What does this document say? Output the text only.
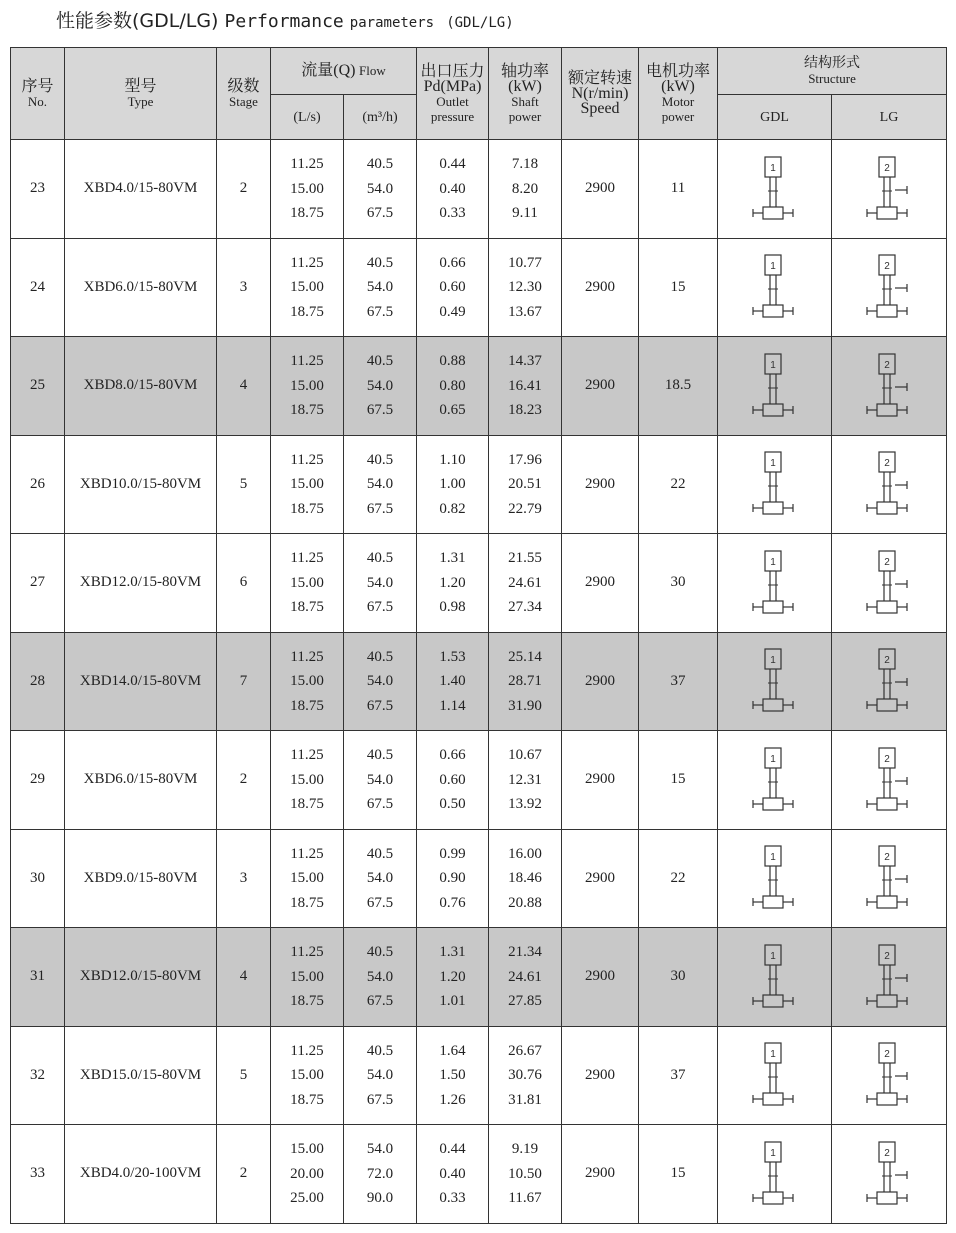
性能参数(GDL/LG) Performance parameters (GDL/LG)
序号
No.	型号
Type	级数
Stage	流量(Q) Flow		出口压力
Pd(MPa)
Outlet
pressure	轴功率
(kW)
Shaft
power	额定转速
N(r/min)
Speed	电机功率
(kW)
Motor
power	结构形式
Structure	

			(L/s)	(m³/h)					GDL	LG
23	XBD4.0/15-80VM	2	11.25
15.00
18.75	40.5
54.0
67.5	0.44
0.40
0.33	7.18
8.20
9.11	2900	11	1	2

24	XBD6.0/15-80VM	3	11.25
15.00
18.75	40.5
54.0
67.5	0.66
0.60
0.49	10.77
12.30
13.67	2900	15	1	2

25	XBD8.0/15-80VM	4	11.25
15.00
18.75	40.5
54.0
67.5	0.88
0.80
0.65	14.37
16.41
18.23	2900	18.5	1	2

26	XBD10.0/15-80VM	5	11.25
15.00
18.75	40.5
54.0
67.5	1.10
1.00
0.82	17.96
20.51
22.79	2900	22	1	2

27	XBD12.0/15-80VM	6	11.25
15.00
18.75	40.5
54.0
67.5	1.31
1.20
0.98	21.55
24.61
27.34	2900	30	1	2

28	XBD14.0/15-80VM	7	11.25
15.00
18.75	40.5
54.0
67.5	1.53
1.40
1.14	25.14
28.71
31.90	2900	37	1	2

29	XBD6.0/15-80VM	2	11.25
15.00
18.75	40.5
54.0
67.5	0.66
0.60
0.50	10.67
12.31
13.92	2900	15	1	2

30	XBD9.0/15-80VM	3	11.25
15.00
18.75	40.5
54.0
67.5	0.99
0.90
0.76	16.00
18.46
20.88	2900	22	1	2

31	XBD12.0/15-80VM	4	11.25
15.00
18.75	40.5
54.0
67.5	1.31
1.20
1.01	21.34
24.61
27.85	2900	30	1	2

32	XBD15.0/15-80VM	5	11.25
15.00
18.75	40.5
54.0
67.5	1.64
1.50
1.26	26.67
30.76
31.81	2900	37	1	2

33	XBD4.0/20-100VM	2	15.00
20.00
25.00	54.0
72.0
90.0	0.44
0.40
0.33	9.19
10.50
11.67	2900	15	1	2
